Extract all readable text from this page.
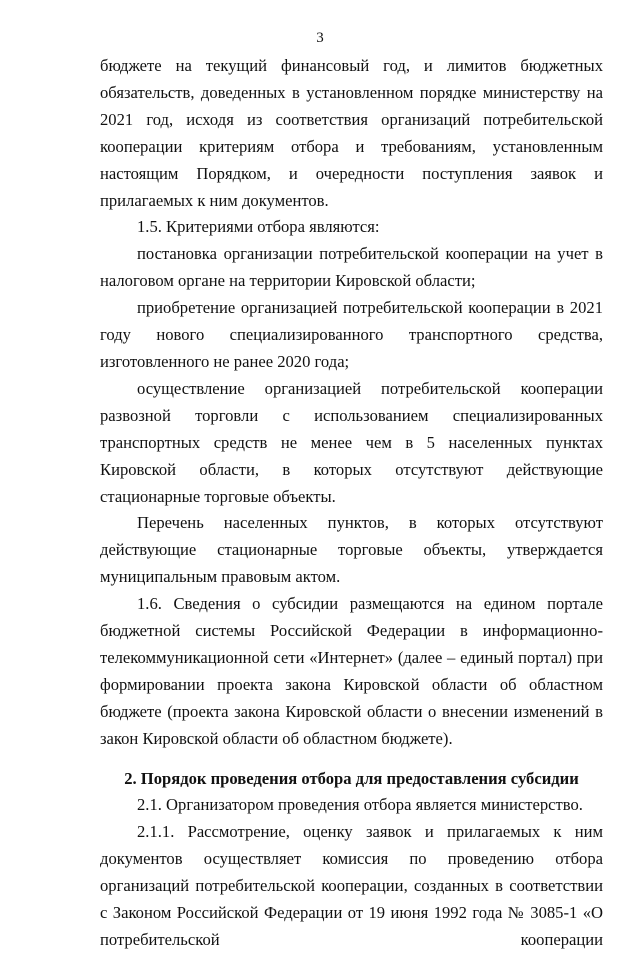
3

бюджете на текущий финансовый год, и лимитов бюджетных обязательств, доведенных в установленном порядке министерству на 2021 год, исходя из соответствия организаций потребительской кооперации критериям отбора и требованиям, установленным настоящим Порядком, и очередности поступления заявок и прилагаемых к ним документов.

1.5. Критериями отбора являются:

постановка организации потребительской кооперации на учет в налоговом органе на территории Кировской области;

приобретение организацией потребительской кооперации в 2021 году нового специализированного транспортного средства, изготовленного не ранее 2020 года;

осуществление организацией потребительской кооперации развозной торговли с использованием специализированных транспортных средств не менее чем в 5 населенных пунктах Кировской области, в которых отсутствуют действующие стационарные торговые объекты.

Перечень населенных пунктов, в которых отсутствуют действующие стационарные торговые объекты, утверждается муниципальным правовым актом.

1.6. Сведения о субсидии размещаются на едином портале бюджетной системы Российской Федерации в информационно-телекоммуникационной сети «Интернет» (далее – единый портал) при формировании проекта закона Кировской области об областном бюджете (проекта закона Кировской области о внесении изменений в закон Кировской области об областном бюджете).

2. Порядок проведения отбора для предоставления субсидии

2.1. Организатором проведения отбора является министерство.

2.1.1. Рассмотрение, оценку заявок и прилагаемых к ним документов осуществляет комиссия по проведению отбора организаций потребительской кооперации, созданных в соответствии с Законом Российской Федерации от 19 июня 1992 года № 3085-1 «О потребительской кооперации
